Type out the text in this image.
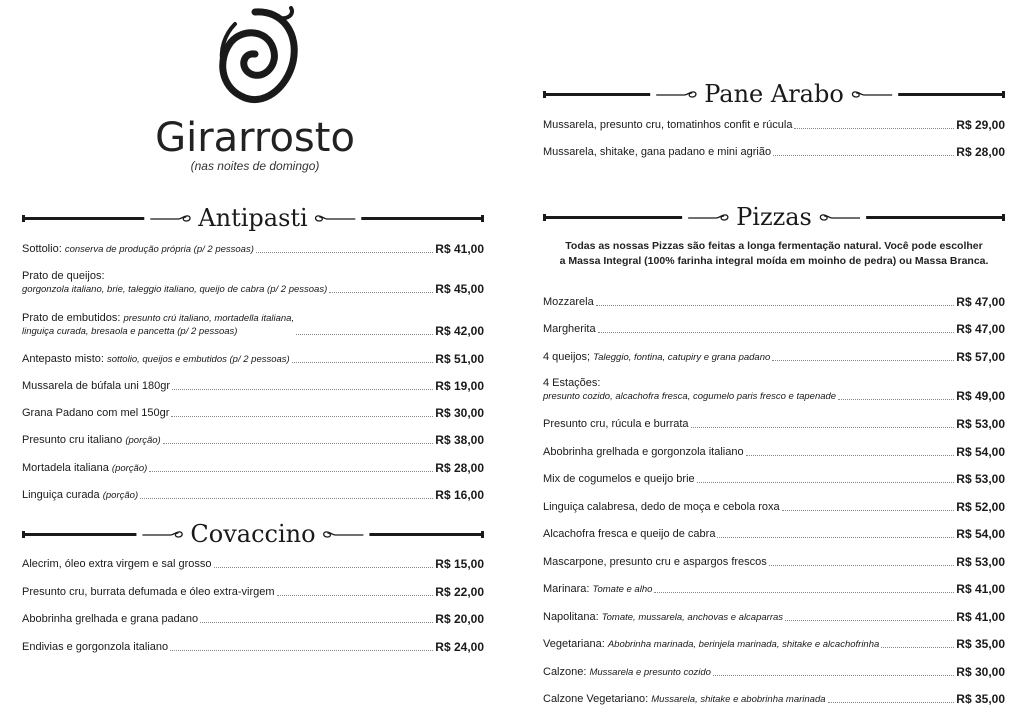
Girarrosto
(nas noites de domingo)
Antipasti
Sottolio: conserva de produção própria (p/ 2 pessoas)	R$ 41,00
Prato de queijos:
gorgonzola italiano, brie, taleggio italiano, queijo de cabra (p/ 2 pessoas)	R$ 45,00
Prato de embutidos: presunto crú italiano, mortadella italiana,
linguiça curada, bresaola e pancetta (p/ 2 pessoas)	R$ 42,00
Antepasto misto: sottolio, queijos e embutidos (p/ 2 pessoas)	R$ 51,00
Mussarela de búfala uni 180gr	R$ 19,00
Grana Padano com mel 150gr	R$ 30,00
Presunto cru italiano (porção)	R$ 38,00
Mortadela italiana (porção)	R$ 28,00
Linguiça curada (porção)	R$ 16,00
Covaccino
Alecrim, óleo extra virgem e sal grosso	R$ 15,00
Presunto cru, burrata defumada e óleo extra-virgem	R$ 22,00
Abobrinha grelhada e grana padano	R$ 20,00
Endivias e gorgonzola italiano	R$ 24,00
Pane Arabo
Mussarela, presunto cru, tomatinhos confit e rúcula	R$ 29,00
Mussarela, shitake, gana padano e mini agrião	R$ 28,00
Pizzas
Todas as nossas Pizzas são feitas a longa fermentação natural. Você pode escolher
a Massa Integral (100% farinha integral moída em moinho de pedra) ou Massa Branca.
Mozzarela	R$ 47,00
Margherita	R$ 47,00
4 queijos; Taleggio, fontina, catupiry e grana padano	R$ 57,00
4 Estações:
presunto cozido, alcachofra fresca, cogumelo paris fresco e tapenade	R$ 49,00
Presunto cru, rúcula e burrata	R$ 53,00
Abobrinha grelhada e gorgonzola italiano	R$ 54,00
Mix de cogumelos e queijo brie	R$ 53,00
Linguiça calabresa, dedo de moça e cebola roxa	R$ 52,00
Alcachofra fresca e queijo de cabra	R$ 54,00
Mascarpone, presunto cru e aspargos frescos	R$ 53,00
Marinara: Tomate e alho	R$ 41,00
Napolitana: Tomate, mussarela, anchovas e alcaparras	R$ 41,00
Vegetariana: Abobrinha marinada, berinjela marinada, shitake e alcachofrinha	R$ 35,00
Calzone: Mussarela e presunto cozido	R$ 30,00
Calzone Vegetariano: Mussarela, shitake e abobrinha marinada	R$ 35,00
